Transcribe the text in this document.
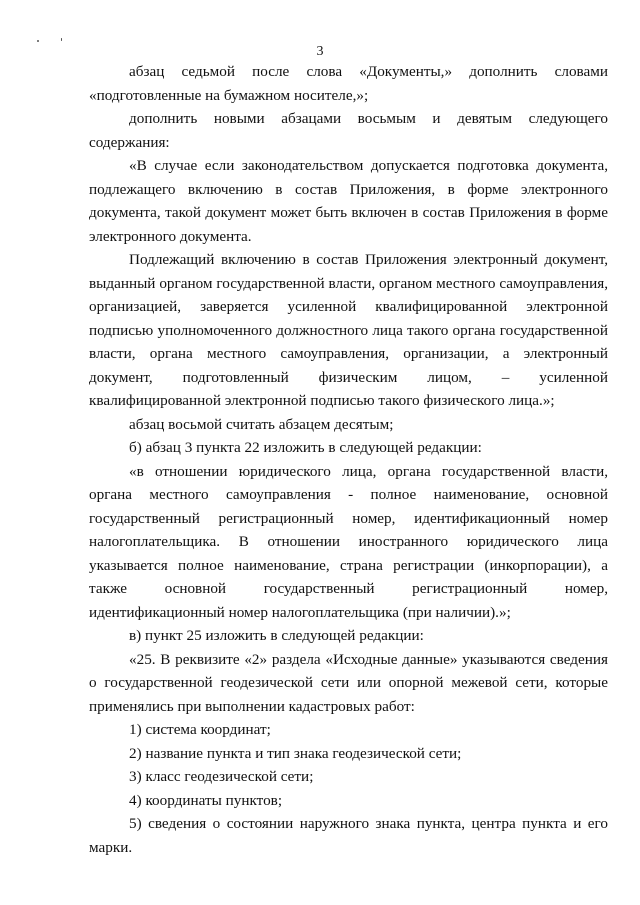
3

абзац седьмой после слова «Документы,» дополнить словами «подготовленные на бумажном носителе,»;

дополнить новыми абзацами восьмым и девятым следующего содержания:

«В случае если законодательством допускается подготовка документа, подлежащего включению в состав Приложения, в форме электронного документа, такой документ может быть включен в состав Приложения в форме электронного документа.

Подлежащий включению в состав Приложения электронный документ, выданный органом государственной власти, органом местного самоуправления, организацией, заверяется усиленной квалифицированной электронной подписью уполномоченного должностного лица такого органа государственной власти, органа местного самоуправления, организации, а электронный документ, подготовленный физическим лицом, – усиленной квалифицированной электронной подписью такого физического лица.»;

абзац восьмой считать абзацем десятым;

б) абзац 3 пункта 22 изложить в следующей редакции:

«в отношении юридического лица, органа государственной власти, органа местного самоуправления - полное наименование, основной государственный регистрационный номер, идентификационный номер налогоплательщика. В отношении иностранного юридического лица указывается полное наименование, страна регистрации (инкорпорации), а также основной государственный регистрационный номер, идентификационный номер налогоплательщика (при наличии).»;

в) пункт 25 изложить в следующей редакции:

«25. В реквизите «2» раздела «Исходные данные» указываются сведения о государственной геодезической сети или опорной межевой сети, которые применялись при выполнении кадастровых работ:

1) система координат;

2) название пункта и тип знака геодезической сети;

3) класс геодезической сети;

4) координаты пунктов;

5) сведения о состоянии наружного знака пункта, центра пункта и его марки.
